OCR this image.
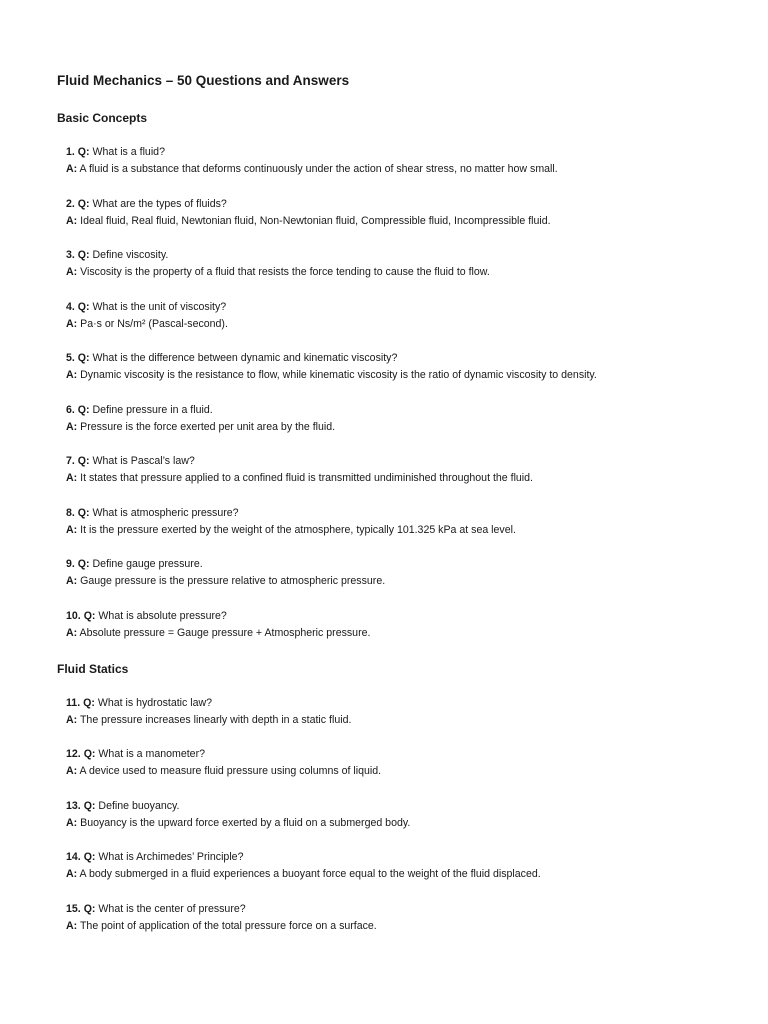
Fluid Mechanics – 50 Questions and Answers
Basic Concepts
1. Q: What is a fluid?
A: A fluid is a substance that deforms continuously under the action of shear stress, no matter how small.
2. Q: What are the types of fluids?
A: Ideal fluid, Real fluid, Newtonian fluid, Non-Newtonian fluid, Compressible fluid, Incompressible fluid.
3. Q: Define viscosity.
A: Viscosity is the property of a fluid that resists the force tending to cause the fluid to flow.
4. Q: What is the unit of viscosity?
A: Pa·s or Ns/m² (Pascal-second).
5. Q: What is the difference between dynamic and kinematic viscosity?
A: Dynamic viscosity is the resistance to flow, while kinematic viscosity is the ratio of dynamic viscosity to density.
6. Q: Define pressure in a fluid.
A: Pressure is the force exerted per unit area by the fluid.
7. Q: What is Pascal’s law?
A: It states that pressure applied to a confined fluid is transmitted undiminished throughout the fluid.
8. Q: What is atmospheric pressure?
A: It is the pressure exerted by the weight of the atmosphere, typically 101.325 kPa at sea level.
9. Q: Define gauge pressure.
A: Gauge pressure is the pressure relative to atmospheric pressure.
10. Q: What is absolute pressure?
A: Absolute pressure = Gauge pressure + Atmospheric pressure.
Fluid Statics
11. Q: What is hydrostatic law?
A: The pressure increases linearly with depth in a static fluid.
12. Q: What is a manometer?
A: A device used to measure fluid pressure using columns of liquid.
13. Q: Define buoyancy.
A: Buoyancy is the upward force exerted by a fluid on a submerged body.
14. Q: What is Archimedes’ Principle?
A: A body submerged in a fluid experiences a buoyant force equal to the weight of the fluid displaced.
15. Q: What is the center of pressure?
A: The point of application of the total pressure force on a surface.
